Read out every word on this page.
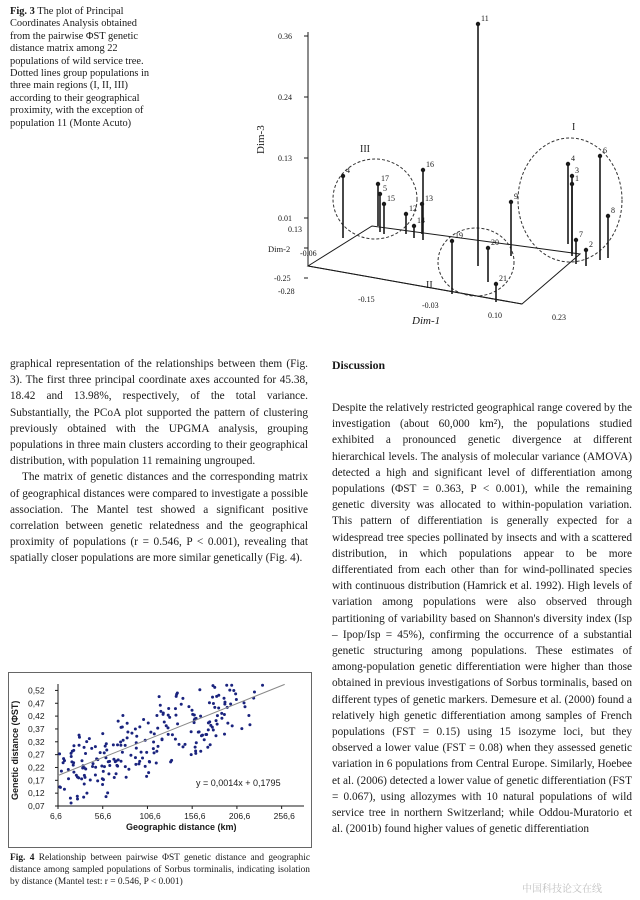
Fig. 3 The plot of Principal Coordinates Analysis obtained from the pairwise ΦST genetic distance matrix among 22 populations of wild service tree. Dotted lines group populations in three main regions (I, II, III) according to their geographical proximity, with the exception of population 11 (Monte Acuto)
0.36
0.24
0.13
0.01
-0.25
0.13
-0.06
Dim-2
Dim-3
Dim-1
-0.28
-0.15
-0.03
0.10	0.23
III
II
I
11
4
17
16
5
15	13
12
14
19
20
21
9
6
4
3
1
8
7
2

graphical representation of the relationships between them (Fig. 3). The first three principal coordinate axes accounted for 45.38, 18.42 and 13.98%, respectively, of the total variance. Substantially, the PCoA plot supported the pattern of clustering previously obtained with the UPGMA analysis, grouping populations in three main clusters according to their geographical distribution, with population 11 remaining ungrouped.

The matrix of genetic distances and the corresponding matrix of geographical distances were compared to investigate a possible association. The Mantel test showed a significant positive correlation between genetic relatedness and the geographical proximity of populations (r = 0.546, P < 0.001), revealing that spatially closer populations are more similar genetically (Fig. 4).

Discussion

Despite the relatively restricted geographical range covered by the investigation (about 60,000 km²), the populations studied exhibited a pronounced genetic divergence at different hierarchical levels. The analysis of molecular variance (AMOVA) detected a high and significant level of differentiation among populations (ΦST = 0.363, P < 0.001), while the remaining genetic diversity was allocated to within-population variation. This pattern of differentiation is generally expected for a widespread tree species pollinated by insects and with a scattered distribution, in which populations appear to be more differentiated from each other than for wind-pollinated species with continuous distribution (Hamrick et al. 1992). High levels of variation among populations were also observed through partitioning of variability based on Shannon's diversity index (Isp – Ipop/Isp = 45%), confirming the occurrence of a substantial genetic structuring among populations. These estimates of among-population genetic differentiation were higher than those obtained in previous investigations of Sorbus torminalis, based on different types of genetic markers. Demesure et al. (2000) found a relatively high genetic differentiation among samples of French populations (FST = 0.15) using 15 isozyme loci, but they observed a lower value (FST = 0.08) when they assessed genetic variation in 6 populations from Central Europe. Similarly, Hoebee et al. (2006) detected a lower value of genetic differentiation (FST = 0.067), using allozymes with 10 natural populations of wild service tree in northern Switzerland; while Oddou-Muratorio et al. (2001b) found higher values of genetic differentiation

6,6	56,6	106,6	156,6	206,6	256,6
0,52
0,47
0,42
0,37
0,32
0,27
0,22
0,17
0,12
0,07
y = 0,0014x + 0,1795
Geographic distance (km)
Genetic distance (ΦST)
Fig. 4 Relationship between pairwise ΦST genetic distance and geographic distance among sampled populations of Sorbus torminalis, indicating isolation by distance (Mantel test: r = 0.546, P < 0.001)
中国科技论文在线
